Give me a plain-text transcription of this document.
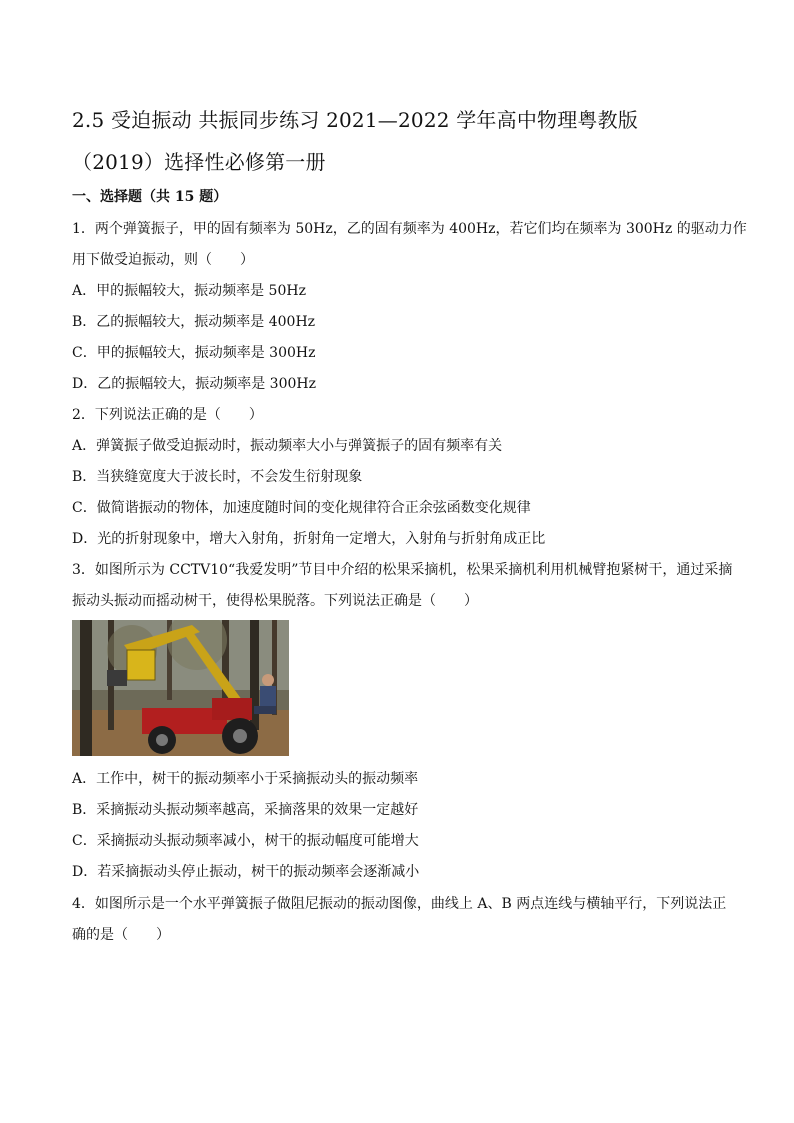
2.5 受迫振动 共振同步练习 2021—2022 学年高中物理粤教版
（2019）选择性必修第一册
一、选择题（共 15 题）
1．两个弹簧振子，甲的固有频率为 50Hz，乙的固有频率为 400Hz，若它们均在频率为 300Hz 的驱动力作
用下做受迫振动，则（　　）
A．甲的振幅较大，振动频率是 50Hz
B．乙的振幅较大，振动频率是 400Hz
C．甲的振幅较大，振动频率是 300Hz
D．乙的振幅较大，振动频率是 300Hz
2．下列说法正确的是（　　）
A．弹簧振子做受迫振动时，振动频率大小与弹簧振子的固有频率有关
B．当狭缝宽度大于波长时，不会发生衍射现象
C．做简谐振动的物体，加速度随时间的变化规律符合正余弦函数变化规律
D．光的折射现象中，增大入射角，折射角一定增大，入射角与折射角成正比
3．如图所示为 CCTV10“我爱发明”节目中介绍的松果采摘机，松果采摘机利用机械臂抱紧树干，通过采摘
振动头振动而摇动树干，使得松果脱落。下列说法正确是（　　）
A．工作中，树干的振动频率小于采摘振动头的振动频率
B．采摘振动头振动频率越高，采摘落果的效果一定越好
C．采摘振动头振动频率减小，树干的振动幅度可能增大
D．若采摘振动头停止振动，树干的振动频率会逐渐减小
4．如图所示是一个水平弹簧振子做阻尼振动的振动图像，曲线上 A、B 两点连线与横轴平行，下列说法正
确的是（　　）
